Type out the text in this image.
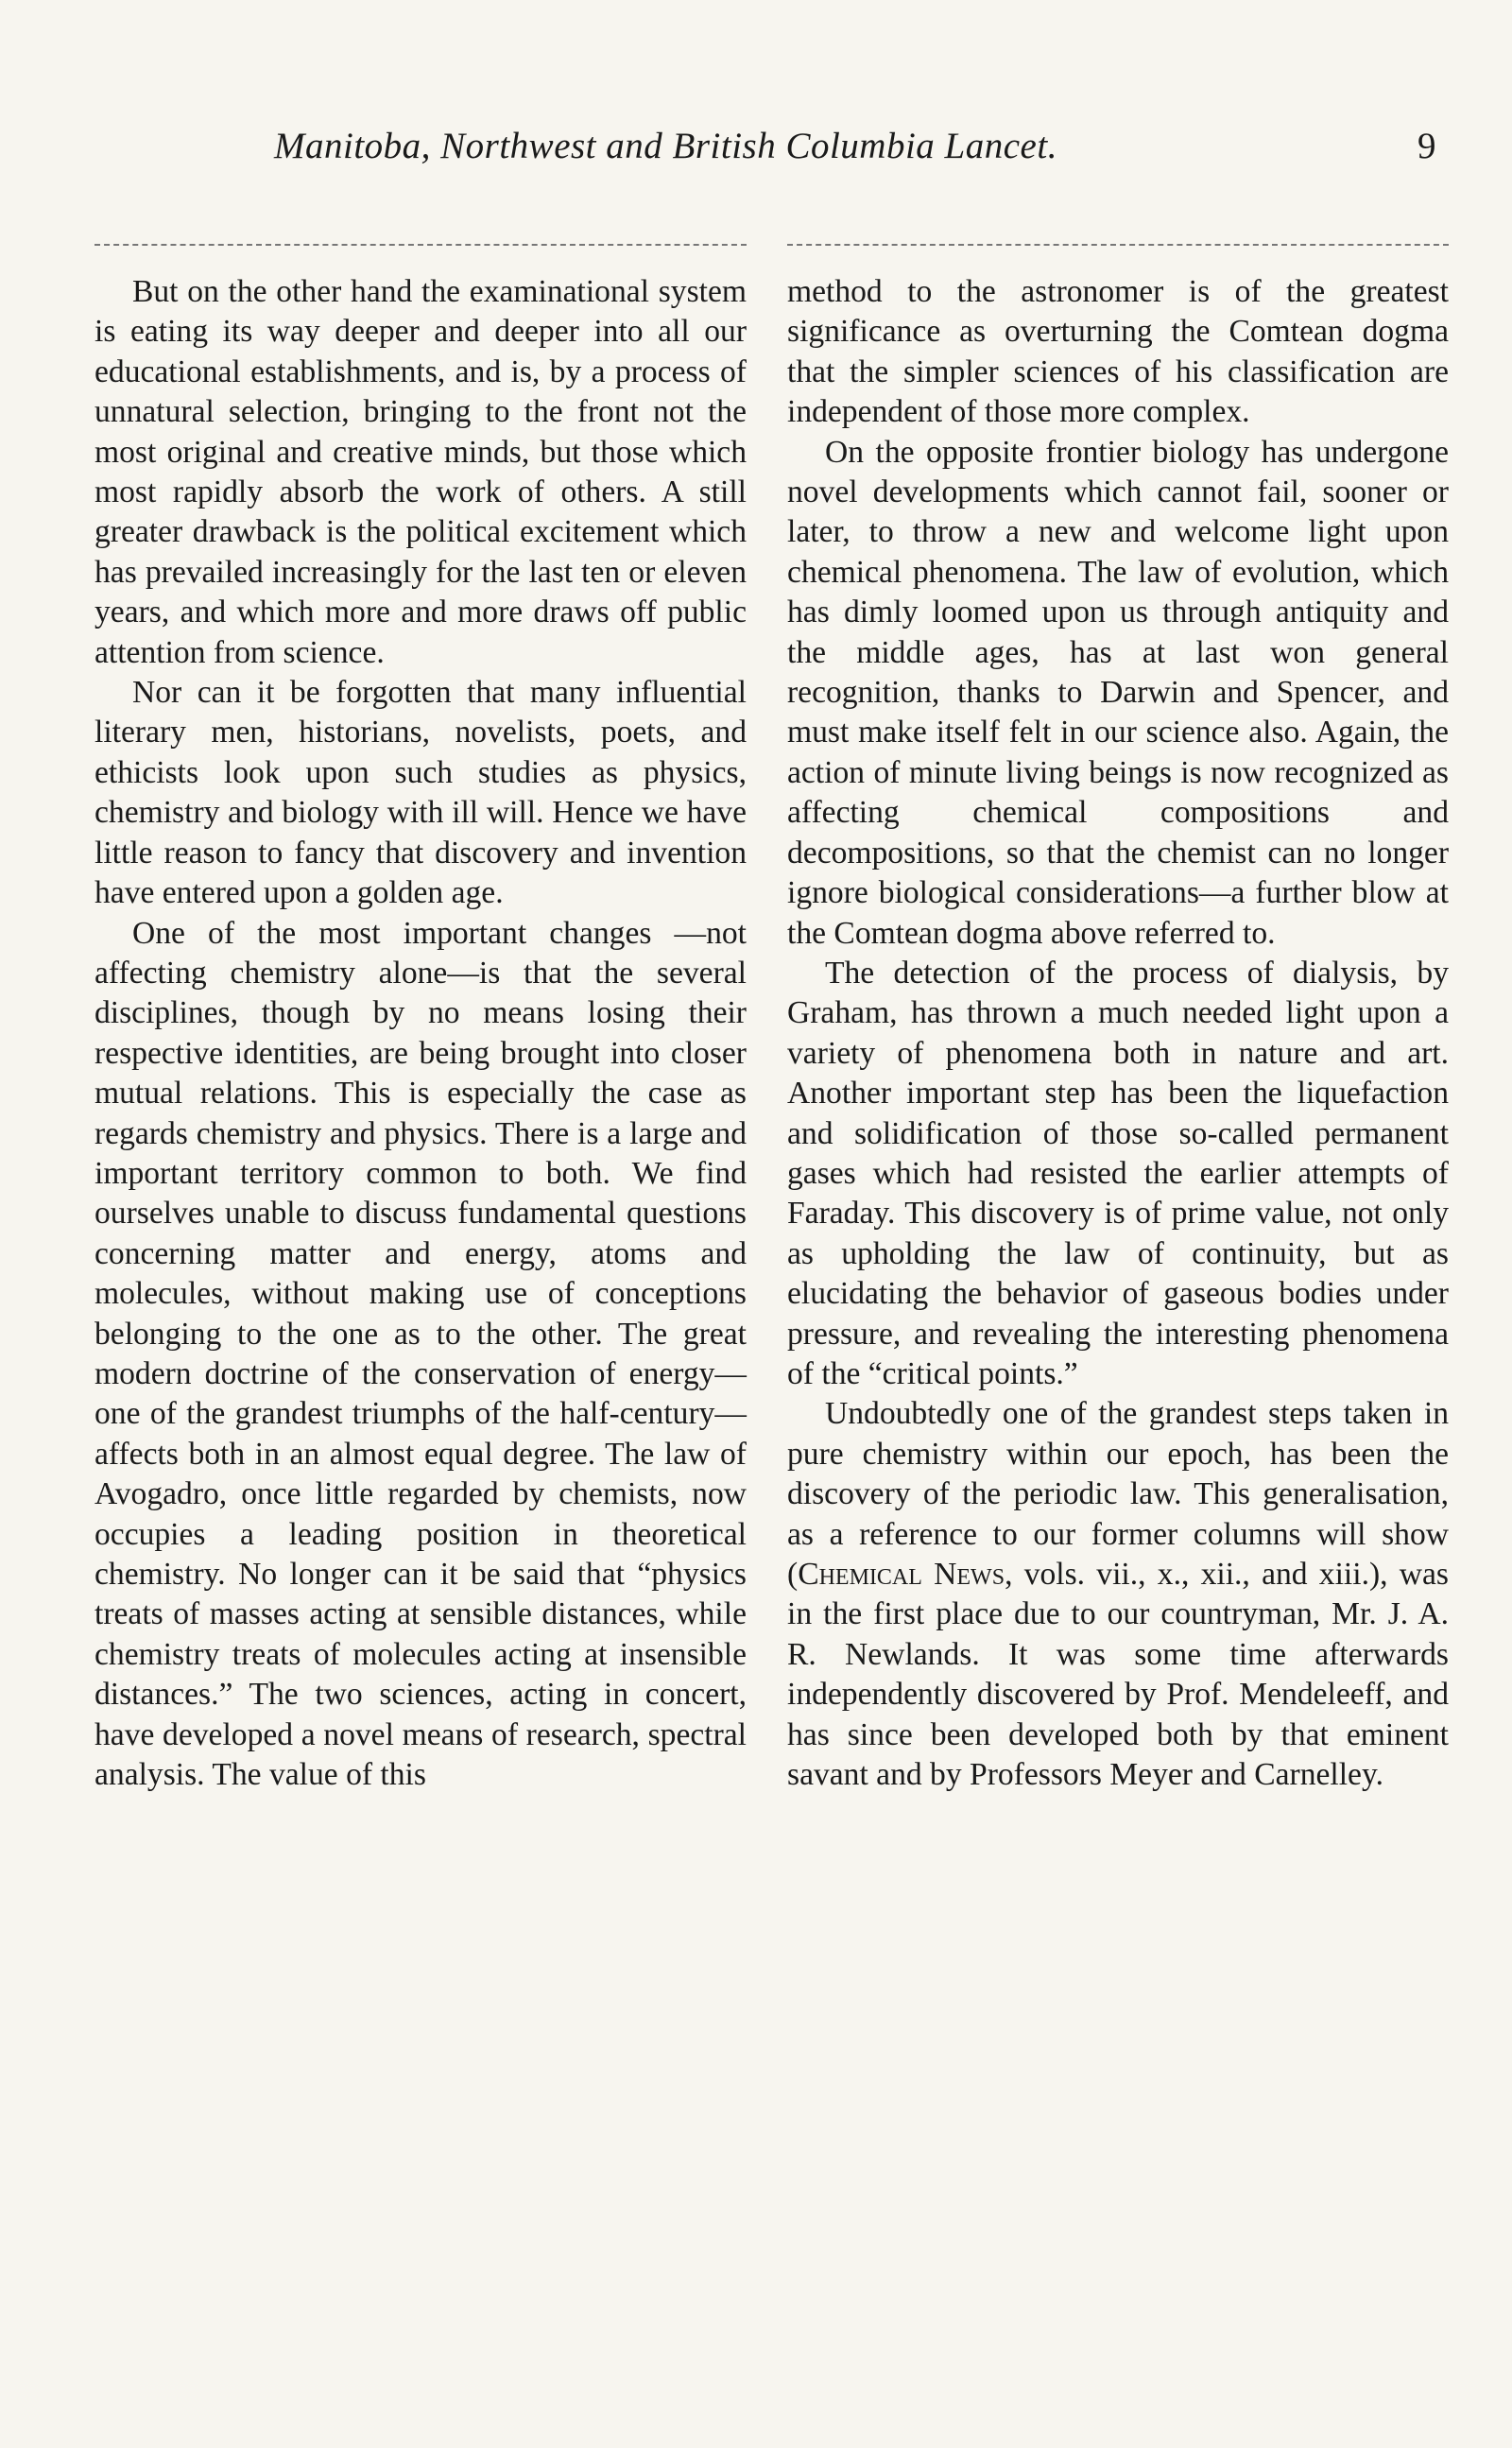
Manitoba, Northwest and British Columbia Lancet.	9

But on the other hand the examinational system is eating its way deeper and deeper into all our educational establishments, and is, by a process of unnatural selection, bringing to the front not the most original and creative minds, but those which most rapidly absorb the work of others. A still greater drawback is the political excitement which has prevailed increasingly for the last ten or eleven years, and which more and more draws off public attention from science.

Nor can it be forgotten that many influential literary men, historians, novelists, poets, and ethicists look upon such studies as physics, chemistry and biology with ill will. Hence we have little reason to fancy that discovery and invention have entered upon a golden age.

One of the most important changes —not affecting chemistry alone—is that the several disciplines, though by no means losing their respective identities, are being brought into closer mutual relations. This is especially the case as regards chemistry and physics. There is a large and important territory common to both. We find ourselves unable to discuss fundamental questions concerning matter and energy, atoms and molecules, without making use of conceptions belonging to the one as to the other. The great modern doctrine of the conservation of energy—one of the grandest triumphs of the half-century—affects both in an almost equal degree. The law of Avogadro, once little regarded by chemists, now occupies a leading position in theoretical chemistry. No longer can it be said that “physics treats of masses acting at sensible distances, while chemistry treats of molecules acting at insensible distances.” The two sciences, acting in concert, have developed a novel means of research, spectral analysis. The value of this

method to the astronomer is of the greatest significance as overturning the Comtean dogma that the simpler sciences of his classification are independent of those more complex.

On the opposite frontier biology has undergone novel developments which cannot fail, sooner or later, to throw a new and welcome light upon chemical phenomena. The law of evolution, which has dimly loomed upon us through antiquity and the middle ages, has at last won general recognition, thanks to Darwin and Spencer, and must make itself felt in our science also. Again, the action of minute living beings is now recognized as affecting chemical compositions and decompositions, so that the chemist can no longer ignore biological considerations—a further blow at the Comtean dogma above referred to.

The detection of the process of dialysis, by Graham, has thrown a much needed light upon a variety of phenomena both in nature and art. Another important step has been the liquefaction and solidification of those so-called permanent gases which had resisted the earlier attempts of Faraday. This discovery is of prime value, not only as upholding the law of continuity, but as elucidating the behavior of gaseous bodies under pressure, and revealing the interesting phenomena of the “critical points.”

Undoubtedly one of the grandest steps taken in pure chemistry within our epoch, has been the discovery of the periodic law. This generalisation, as a reference to our former columns will show (Chemical News, vols. vii., x., xii., and xiii.), was in the first place due to our countryman, Mr. J. A. R. Newlands. It was some time afterwards independently discovered by Prof. Mendeleeff, and has since been developed both by that eminent savant and by Professors Meyer and Carnelley.
